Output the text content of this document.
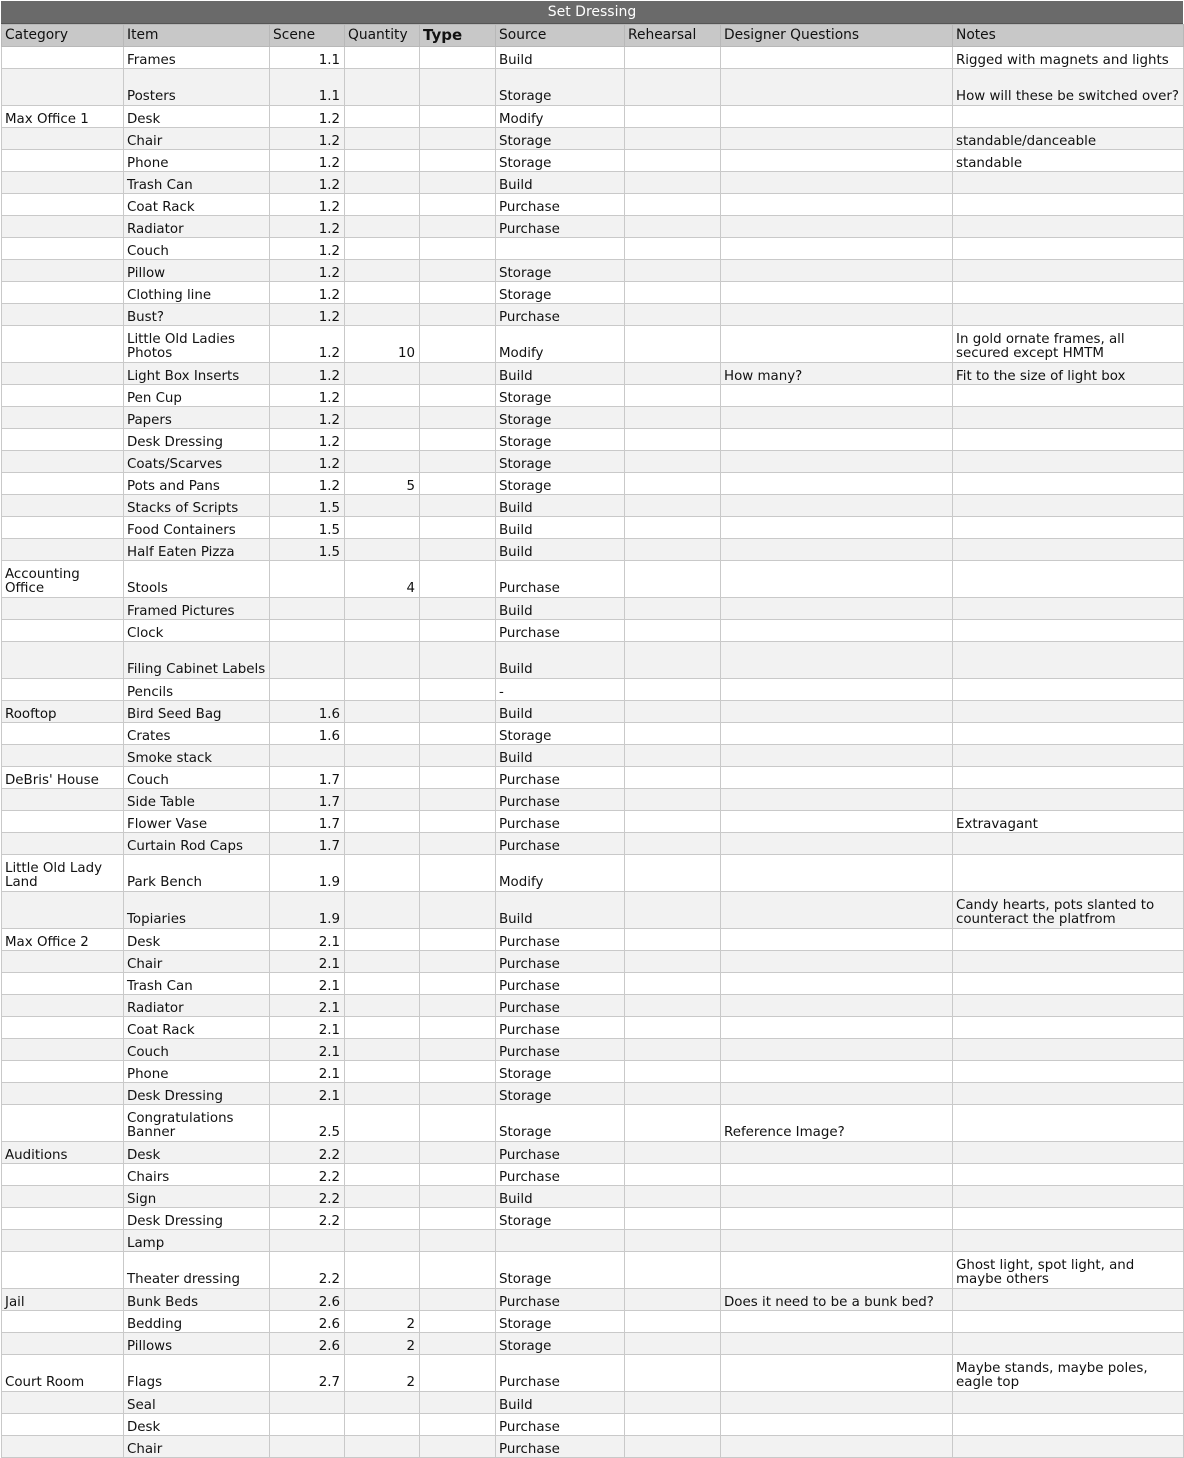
Set Dressing
Category	Item	Scene	Quantity	Type	Source	Rehearsal	Designer Questions	Notes
	Frames	1.1			Build			Rigged with magnets and lights
	Posters	1.1			Storage			How will these be switched over?
Max Office 1	Desk	1.2			Modify			
	Chair	1.2			Storage			standable/danceable
	Phone	1.2			Storage			standable
	Trash Can	1.2			Build			
	Coat Rack	1.2			Purchase			
	Radiator	1.2			Purchase			
	Couch	1.2						
	Pillow	1.2			Storage			
	Clothing line	1.2			Storage			
	Bust?	1.2			Purchase			
	Little Old Ladies Photos	1.2	10		Modify			In gold ornate frames, all secured except HMTM
	Light Box Inserts	1.2			Build		How many?	Fit to the size of light box
	Pen Cup	1.2			Storage			
	Papers	1.2			Storage			
	Desk Dressing	1.2			Storage			
	Coats/Scarves	1.2			Storage			
	Pots and Pans	1.2	5		Storage			
	Stacks of Scripts	1.5			Build			
	Food Containers	1.5			Build			
	Half Eaten Pizza	1.5			Build			
Accounting Office	Stools		4		Purchase			
	Framed Pictures				Build			
	Clock				Purchase			
	Filing Cabinet Labels				Build			
	Pencils				-			
Rooftop	Bird Seed Bag	1.6			Build			
	Crates	1.6			Storage			
	Smoke stack				Build			
DeBris' House	Couch	1.7			Purchase			
	Side Table	1.7			Purchase			
	Flower Vase	1.7			Purchase			Extravagant
	Curtain Rod Caps	1.7			Purchase			
Little Old Lady Land	Park Bench	1.9			Modify			
	Topiaries	1.9			Build			Candy hearts, pots slanted to counteract the platfrom
Max Office 2	Desk	2.1			Purchase			
	Chair	2.1			Purchase			
	Trash Can	2.1			Purchase			
	Radiator	2.1			Purchase			
	Coat Rack	2.1			Purchase			
	Couch	2.1			Purchase			
	Phone	2.1			Storage			
	Desk Dressing	2.1			Storage			
	Congratulations Banner	2.5			Storage		Reference Image?	
Auditions	Desk	2.2			Purchase			
	Chairs	2.2			Purchase			
	Sign	2.2			Build			
	Desk Dressing	2.2			Storage			
	Lamp							
	Theater dressing	2.2			Storage			Ghost light, spot light, and maybe others
Jail	Bunk Beds	2.6			Purchase		Does it need to be a bunk bed?	
	Bedding	2.6	2		Storage			
	Pillows	2.6	2		Storage			
Court Room	Flags	2.7	2		Purchase			Maybe stands, maybe poles, eagle top
	Seal				Build			
	Desk				Purchase			
	Chair				Purchase			
